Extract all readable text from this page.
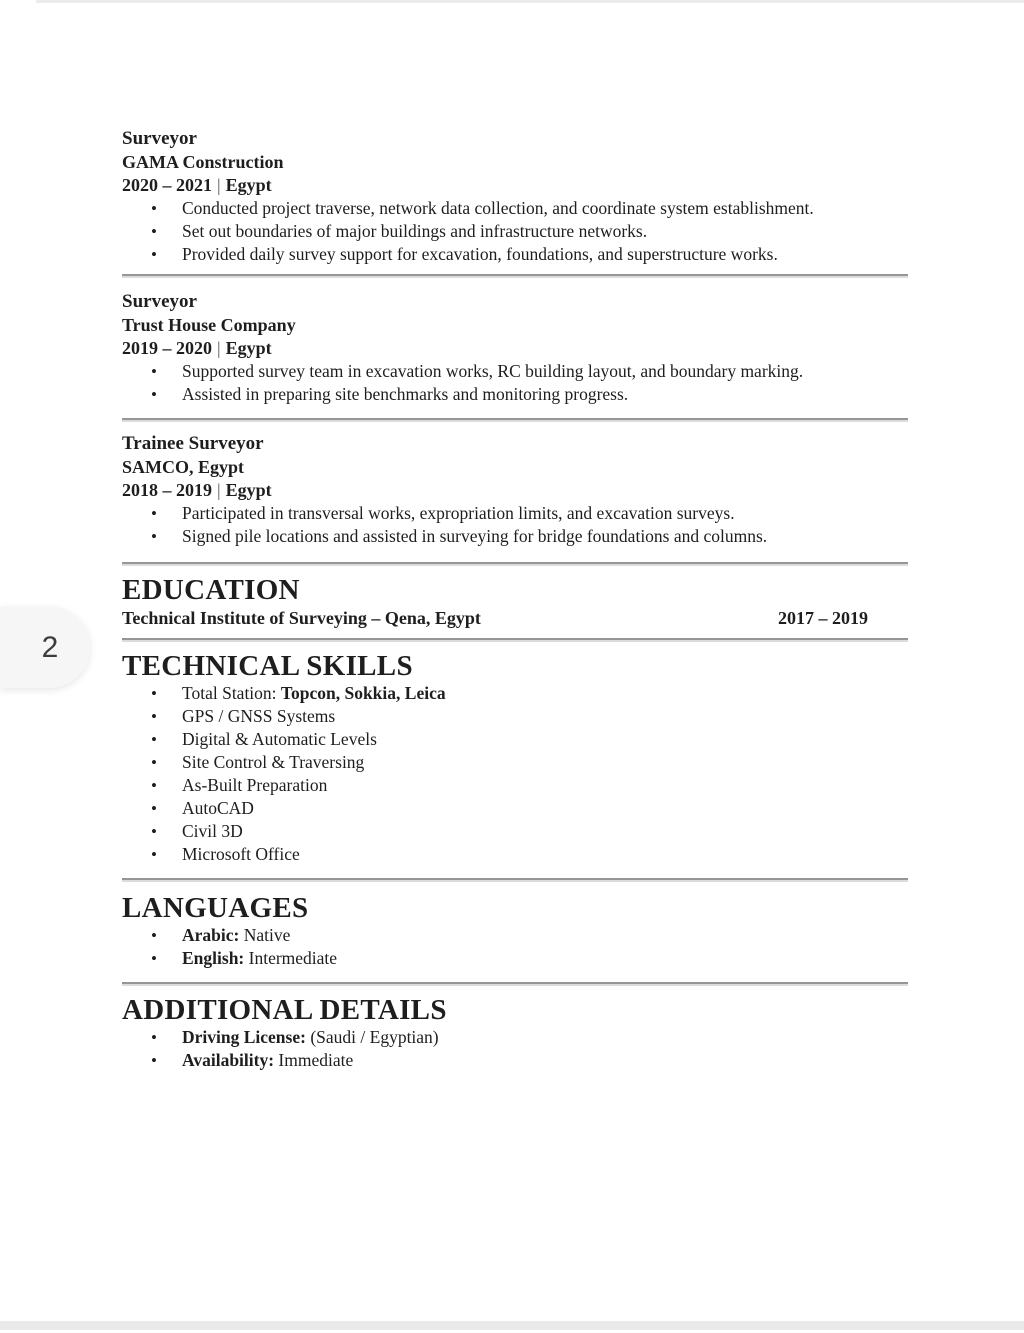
2
Surveyor
GAMA Construction
2020 – 2021 | Egypt
• Conducted project traverse, network data collection, and coordinate system establishment.
• Set out boundaries of major buildings and infrastructure networks.
• Provided daily survey support for excavation, foundations, and superstructure works.
Surveyor
Trust House Company
2019 – 2020 | Egypt
• Supported survey team in excavation works, RC building layout, and boundary marking.
• Assisted in preparing site benchmarks and monitoring progress.
Trainee Surveyor
SAMCO, Egypt
2018 – 2019 | Egypt
• Participated in transversal works, expropriation limits, and excavation surveys.
• Signed pile locations and assisted in surveying for bridge foundations and columns.
EDUCATION
Technical Institute of Surveying – Qena, Egypt	2017 – 2019
TECHNICAL SKILLS
• Total Station: Topcon, Sokkia, Leica
• GPS / GNSS Systems
• Digital & Automatic Levels
• Site Control & Traversing
• As-Built Preparation
• AutoCAD
• Civil 3D
• Microsoft Office
LANGUAGES
• Arabic: Native
• English: Intermediate
ADDITIONAL DETAILS
• Driving License: (Saudi / Egyptian)
• Availability: Immediate
